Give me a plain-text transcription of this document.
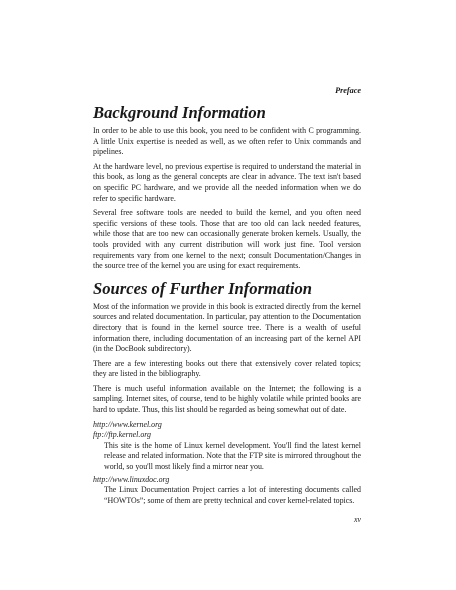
Preface
Background Information

In order to be able to use this book, you need to be confident with C programming. A little Unix expertise is needed as well, as we often refer to Unix commands and pipelines.

At the hardware level, no previous expertise is required to understand the material in this book, as long as the general concepts are clear in advance. The text isn't based on specific PC hardware, and we provide all the needed information when we do refer to specific hardware.

Several free software tools are needed to build the kernel, and you often need specific versions of these tools. Those that are too old can lack needed features, while those that are too new can occasionally generate broken kernels. Usually, the tools provided with any current distribution will work just fine. Tool version requirements vary from one kernel to the next; consult Documentation/Changes in the source tree of the kernel you are using for exact requirements.

Sources of Further Information

Most of the information we provide in this book is extracted directly from the kernel sources and related documentation. In particular, pay attention to the Documentation directory that is found in the kernel source tree. There is a wealth of useful information there, including documentation of an increasing part of the kernel API (in the DocBook subdirectory).

There are a few interesting books out there that extensively cover related topics; they are listed in the bibliography.

There is much useful information available on the Internet; the following is a sampling. Internet sites, of course, tend to be highly volatile while printed books are hard to update. Thus, this list should be regarded as being somewhat out of date.

http://www.kernel.org
ftp://ftp.kernel.org
This site is the home of Linux kernel development. You'll find the latest kernel release and related information. Note that the FTP site is mirrored throughout the world, so you'll most likely find a mirror near you.
http://www.linuxdoc.org
The Linux Documentation Project carries a lot of interesting documents called “HOWTOs”; some of them are pretty technical and cover kernel-related topics.
xv
